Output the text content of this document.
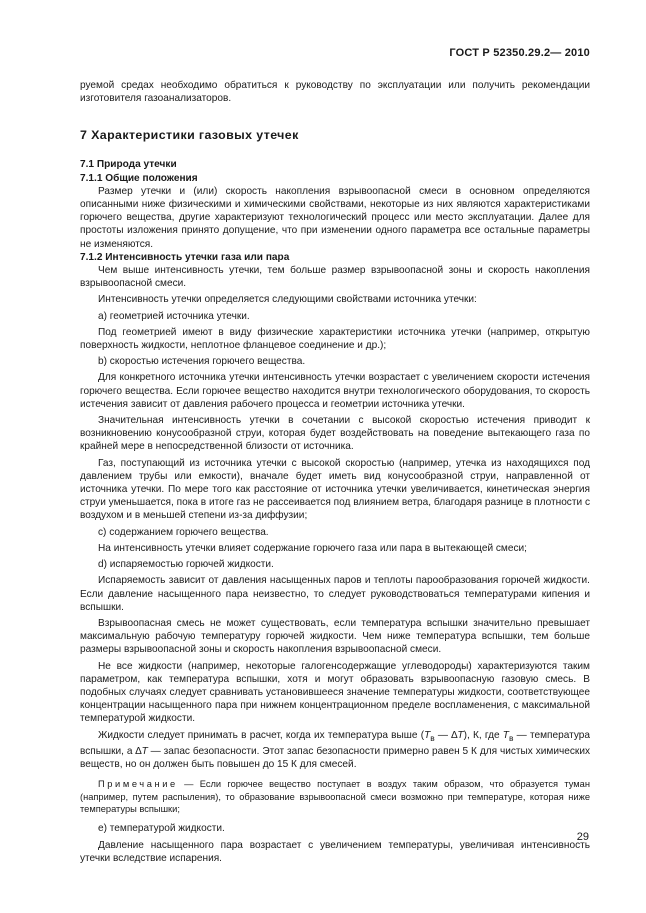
ГОСТ Р 52350.29.2— 2010

руемой средах необходимо обратиться к руководству по эксплуатации или получить рекомендации изготовителя газоанализаторов.

7 Характеристики газовых утечек

7.1 Природа утечки

7.1.1 Общие положения

Размер утечки и (или) скорость накопления взрывоопасной смеси в основном определяются описанными ниже физическими и химическими свойствами, некоторые из них являются характеристиками горючего вещества, другие характеризуют технологический процесс или место эксплуатации. Далее для простоты изложения принято допущение, что при изменении одного параметра все остальные параметры не изменяются.

7.1.2 Интенсивность утечки газа или пара

Чем выше интенсивность утечки, тем больше размер взрывоопасной зоны и скорость накопления взрывоопасной смеси.

Интенсивность утечки определяется следующими свойствами источника утечки:

a) геометрией источника утечки.

Под геометрией имеют в виду физические характеристики источника утечки (например, открытую поверхность жидкости, неплотное фланцевое соединение и др.);

b) скоростью истечения горючего вещества.

Для конкретного источника утечки интенсивность утечки возрастает с увеличением скорости истечения горючего вещества. Если горючее вещество находится внутри технологического оборудования, то скорость истечения зависит от давления рабочего процесса и геометрии источника утечки.

Значительная интенсивность утечки в сочетании с высокой скоростью истечения приводит к возникновению конусообразной струи, которая будет воздействовать на поведение вытекающего газа по крайней мере в непосредственной близости от источника.

Газ, поступающий из источника утечки с высокой скоростью (например, утечка из находящихся под давлением трубы или емкости), вначале будет иметь вид конусообразной струи, направленной от источника утечки. По мере того как расстояние от источника утечки увеличивается, кинетическая энергия струи уменьшается, пока в итоге газ не рассеивается под влиянием ветра, благодаря разнице в плотности с воздухом и в меньшей степени из-за диффузии;

c) содержанием горючего вещества.

На интенсивность утечки влияет содержание горючего газа или пара в вытекающей смеси;

d) испаряемостью горючей жидкости.

Испаряемость зависит от давления насыщенных паров и теплоты парообразования горючей жидкости. Если давление насыщенного пара неизвестно, то следует руководствоваться температурами кипения и вспышки.

Взрывоопасная смесь не может существовать, если температура вспышки значительно превышает максимальную рабочую температуру горючей жидкости. Чем ниже температура вспышки, тем больше размеры взрывоопасной зоны и скорость накопления взрывоопасной смеси.

Не все жидкости (например, некоторые галогенсодержащие углеводороды) характеризуются таким параметром, как температура вспышки, хотя и могут образовать взрывоопасную газовую смесь. В подобных случаях следует сравнивать установившееся значение температуры жидкости, соответствующее концентрации насыщенного пара при нижнем концентрационном пределе воспламенения, с максимальной температурой жидкости.

Жидкости следует принимать в расчет, когда их температура выше ($T_в$ — ∆T), К, где $T_в$ — температура вспышки, а ∆T — запас безопасности. Этот запас безопасности примерно равен 5 К для чистых химических веществ, но он должен быть повышен до 15 К для смесей.

Примечание — Если горючее вещество поступает в воздух таким образом, что образуется туман (например, путем распыления), то образование взрывоопасной смеси возможно при температуре, которая ниже температуры вспышки;

e) температурой жидкости.

Давление насыщенного пара возрастает с увеличением температуры, увеличивая интенсивность утечки вследствие испарения.

29
